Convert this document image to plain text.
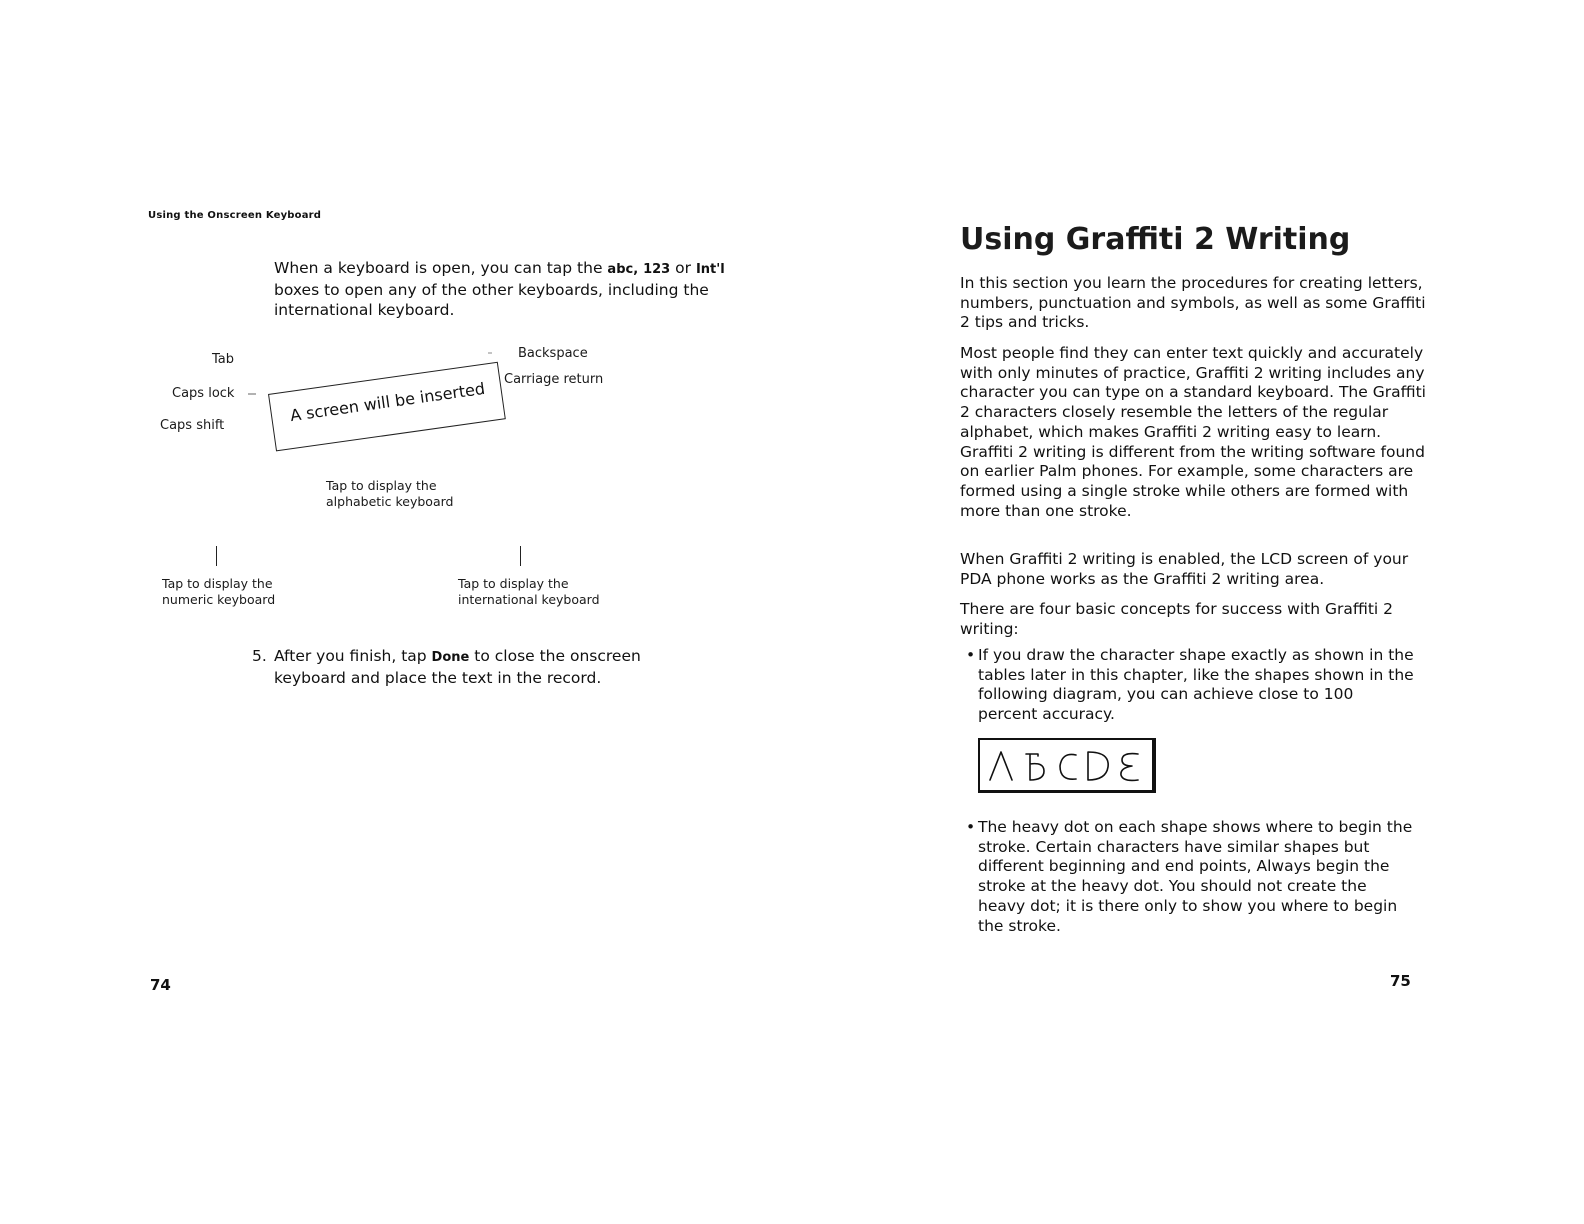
Using the Onscreen Keyboard

When a keyboard is open, you can tap the abc, 123 or Int'l boxes to open any of the other keyboards, including the international keyboard.

Tab
Caps lock
Caps shift
Backspace
Carriage return
A screen will be inserted
Tap to display the
alphabetic keyboard
Tap to display the
numeric keyboard
Tap to display the
international keyboard
5. After you finish, tap Done to close the onscreen keyboard and place the text in the record.
74
Using Graffiti 2 Writing

In this section you learn the procedures for creating letters, numbers, punctuation and symbols, as well as some Graffiti 2 tips and tricks.

Most people find they can enter text quickly and accurately with only minutes of practice, Graffiti 2 writing includes any character you can type on a standard keyboard. The Graffiti 2 characters closely resemble the letters of the regular alphabet, which makes Graffiti 2 writing easy to learn. Graffiti 2 writing is different from the writing software found on earlier Palm phones. For example, some characters are formed using a single stroke while others are formed with more than one stroke.

When Graffiti 2 writing is enabled, the LCD screen of your PDA phone works as the Graffiti 2 writing area.

There are four basic concepts for success with Graffiti 2 writing:

• If you draw the character shape exactly as shown in the tables later in this chapter, like the shapes shown in the following diagram, you can achieve close to 100 percent accuracy.
• The heavy dot on each shape shows where to begin the stroke. Certain characters have similar shapes but different beginning and end points, Always begin the stroke at the heavy dot. You should not create the heavy dot; it is there only to show you where to begin the stroke.
75
